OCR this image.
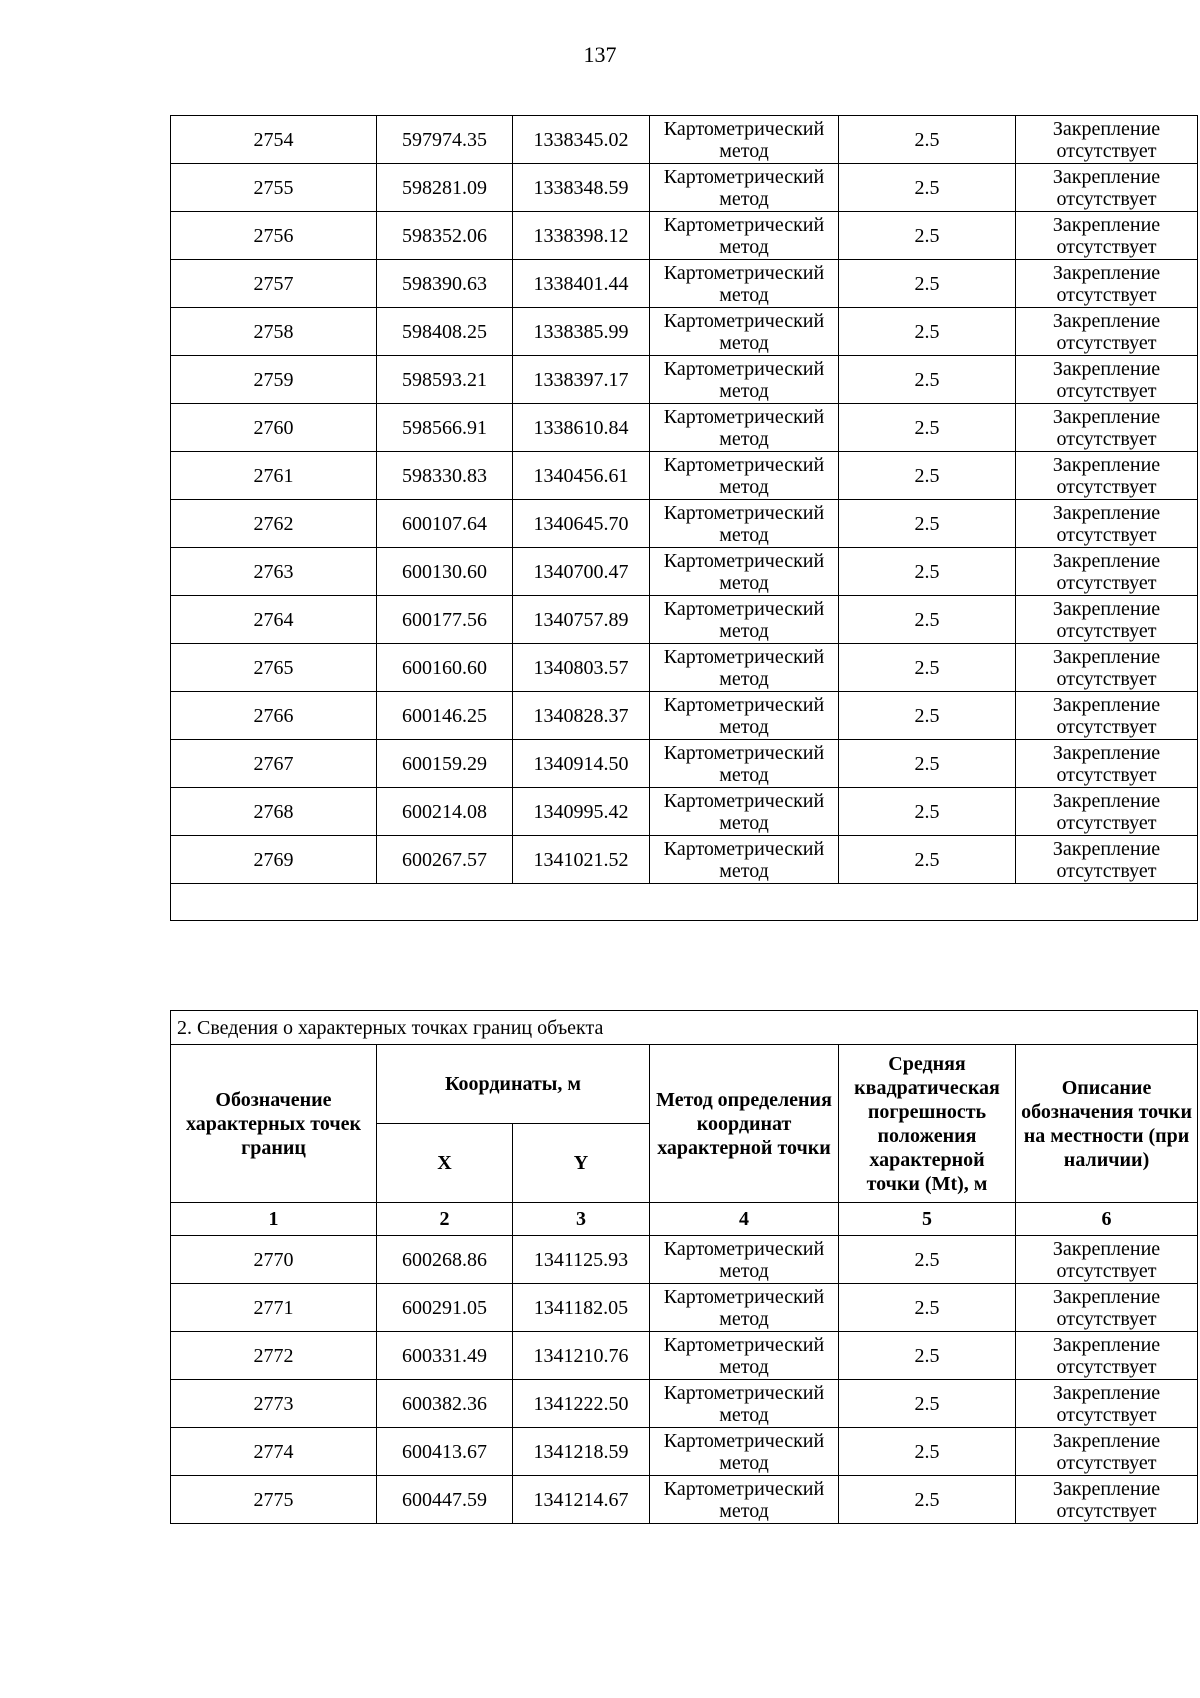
137
2754	597974.35	1338345.02	Картометрический метод	2.5	Закрепление отсутствует
2755	598281.09	1338348.59	Картометрический метод	2.5	Закрепление отсутствует
2756	598352.06	1338398.12	Картометрический метод	2.5	Закрепление отсутствует
2757	598390.63	1338401.44	Картометрический метод	2.5	Закрепление отсутствует
2758	598408.25	1338385.99	Картометрический метод	2.5	Закрепление отсутствует
2759	598593.21	1338397.17	Картометрический метод	2.5	Закрепление отсутствует
2760	598566.91	1338610.84	Картометрический метод	2.5	Закрепление отсутствует
2761	598330.83	1340456.61	Картометрический метод	2.5	Закрепление отсутствует
2762	600107.64	1340645.70	Картометрический метод	2.5	Закрепление отсутствует
2763	600130.60	1340700.47	Картометрический метод	2.5	Закрепление отсутствует
2764	600177.56	1340757.89	Картометрический метод	2.5	Закрепление отсутствует
2765	600160.60	1340803.57	Картометрический метод	2.5	Закрепление отсутствует
2766	600146.25	1340828.37	Картометрический метод	2.5	Закрепление отсутствует
2767	600159.29	1340914.50	Картометрический метод	2.5	Закрепление отсутствует
2768	600214.08	1340995.42	Картометрический метод	2.5	Закрепление отсутствует
2769	600267.57	1341021.52	Картометрический метод	2.5	Закрепление отсутствует

2. Сведения о характерных точках границ объекта					
Обозначение характерных точек границ	Координаты, м		Метод определения координат характерной точки	Средняя квадратическая погрешность положения характерной точки (Mt), м	Описание обозначения точки на местности (при наличии)
	X	Y			
1	2	3	4	5	6
2770	600268.86	1341125.93	Картометрический метод	2.5	Закрепление отсутствует
2771	600291.05	1341182.05	Картометрический метод	2.5	Закрепление отсутствует
2772	600331.49	1341210.76	Картометрический метод	2.5	Закрепление отсутствует
2773	600382.36	1341222.50	Картометрический метод	2.5	Закрепление отсутствует
2774	600413.67	1341218.59	Картометрический метод	2.5	Закрепление отсутствует
2775	600447.59	1341214.67	Картометрический метод	2.5	Закрепление отсутствует
